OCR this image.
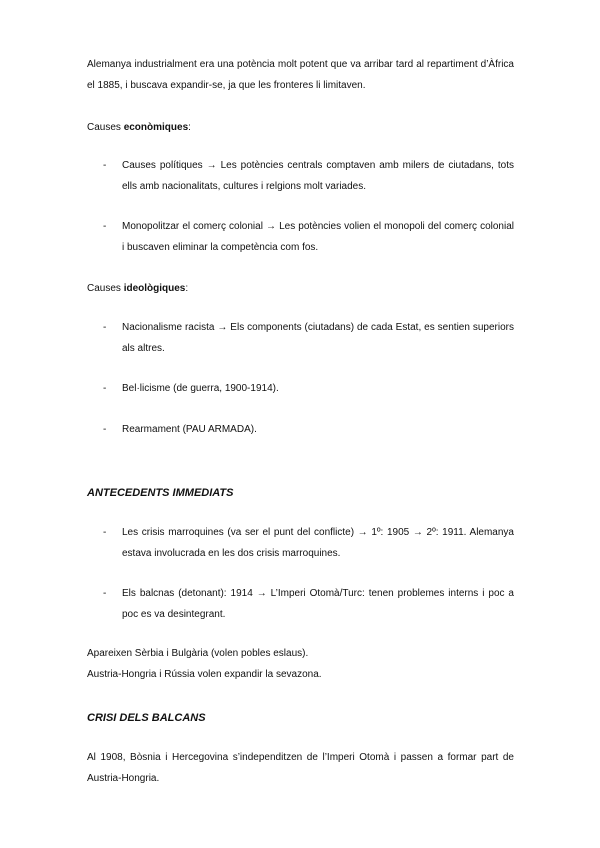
Alemanya industrialment era una potència molt potent que va arribar tard al repartiment d’Àfrica el 1885, i buscava expandir-se, ja que les fronteres li limitaven.

Causes econòmiques:
- Causes polítiques → Les potències centrals comptaven amb milers de ciutadans, tots ells amb nacionalitats, cultures i relgions molt variades.

- Monopolitzar el comerç colonial → Les potències volien el monopoli del comerç colonial i buscaven eliminar la competència com fos.

Causes ideològiques:
- Nacionalisme racista → Els components (ciutadans) de cada Estat, es sentien superiors als altres.

- Bel·licisme (de guerra, 1900-1914).

- Rearmament (PAU ARMADA).

ANTECEDENTS IMMEDIATS
- Les crisis marroquines (va ser el punt del conflicte) → 1º: 1905 → 2º: 1911. Alemanya estava involucrada en les dos crisis marroquines.

- Els balcnas (detonant): 1914 → L’Imperi Otomà/Turc: tenen problemes interns i poc a poc es va desintegrant.

Apareixen Sèrbia i Bulgària (volen pobles eslaus).
Austria-Hongria i Rússia volen expandir la sevazona.
CRISI DELS BALCANS

Al 1908, Bòsnia i Hercegovina s’independitzen de l’Imperi Otomà i passen a formar part de Austria-Hongria.
